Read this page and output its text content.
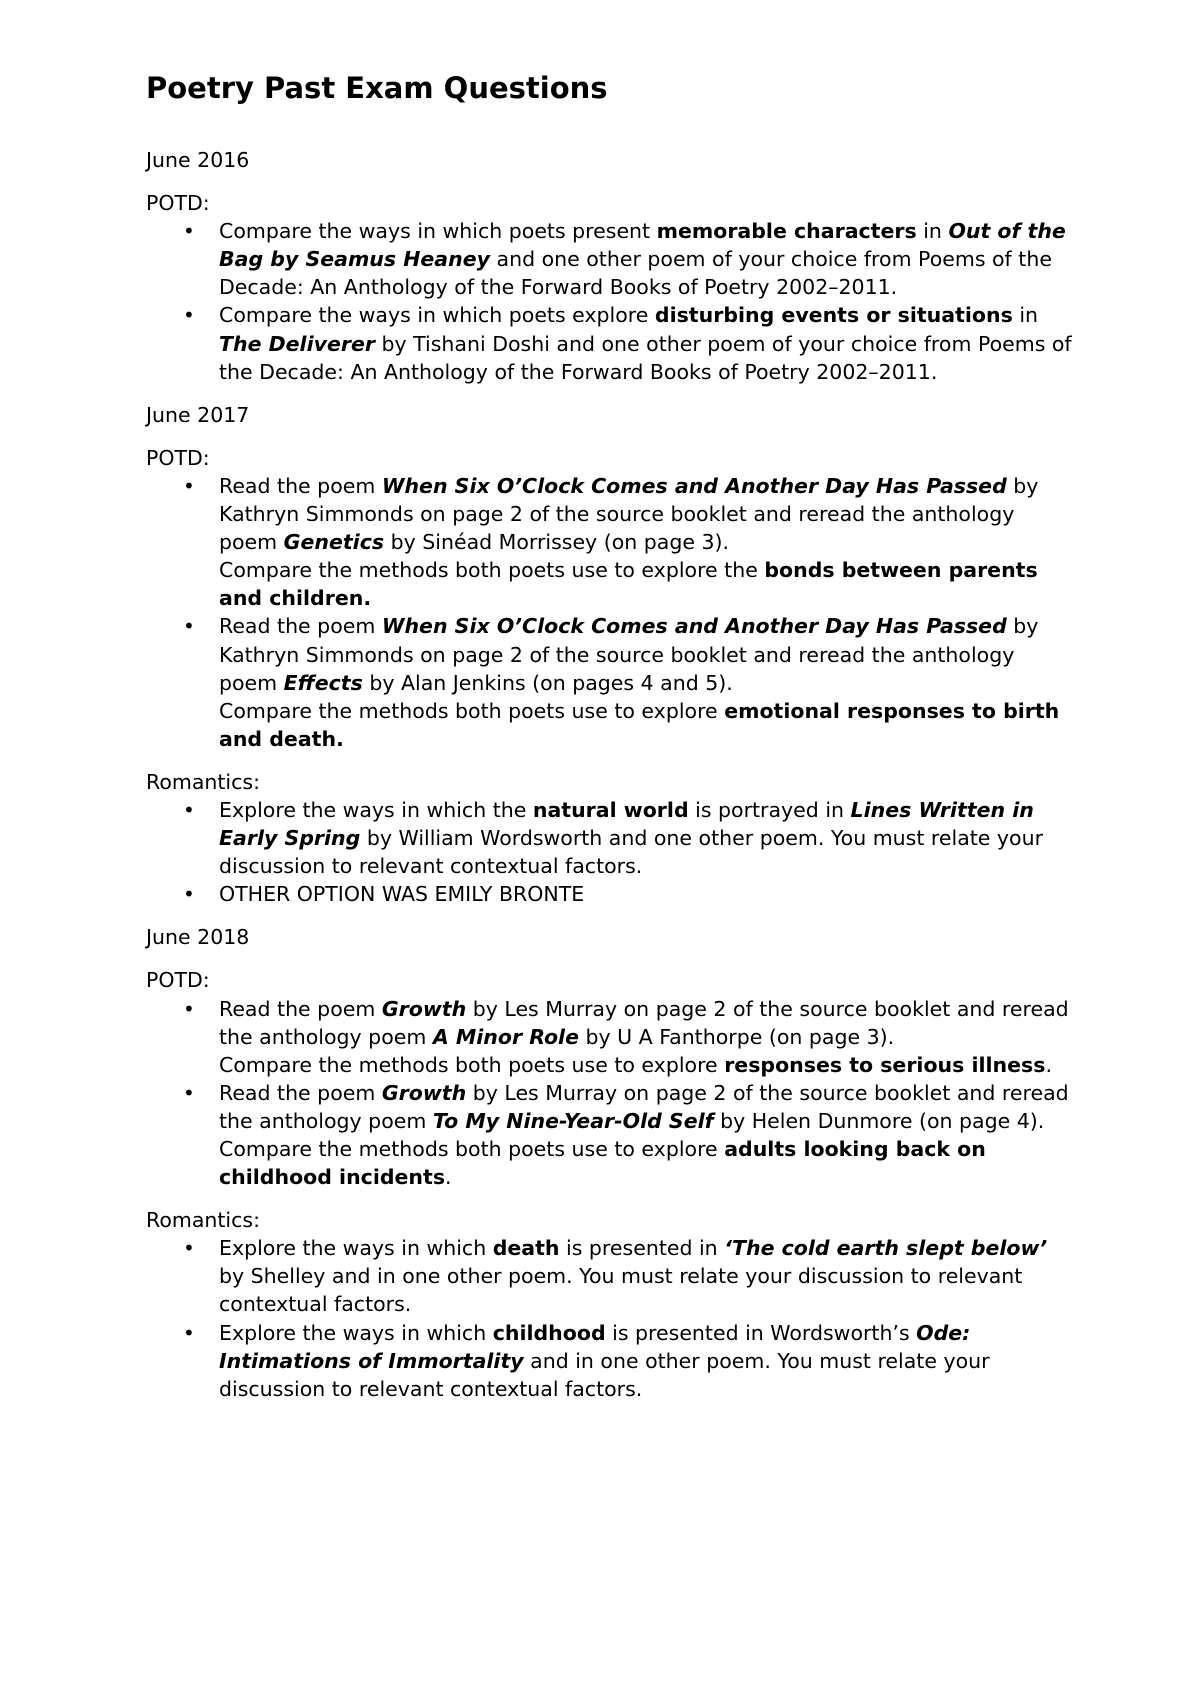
Poetry Past Exam Questions

June 2016

POTD:

• Compare the ways in which poets present memorable characters in Out of the Bag by Seamus Heaney and one other poem of your choice from Poems of the Decade: An Anthology of the Forward Books of Poetry 2002–2011.

• Compare the ways in which poets explore disturbing events or situations in The Deliverer by Tishani Doshi and one other poem of your choice from Poems of the Decade: An Anthology of the Forward Books of Poetry 2002–2011.

June 2017

POTD:

• Read the poem When Six O’Clock Comes and Another Day Has Passed by Kathryn Simmonds on page 2 of the source booklet and reread the anthology poem Genetics by Sinéad Morrissey (on page 3).

Compare the methods both poets use to explore the bonds between parents and children.

• Read the poem When Six O’Clock Comes and Another Day Has Passed by Kathryn Simmonds on page 2 of the source booklet and reread the anthology poem Effects by Alan Jenkins (on pages 4 and 5).

Compare the methods both poets use to explore emotional responses to birth and death.

Romantics:

• Explore the ways in which the natural world is portrayed in Lines Written in Early Spring by William Wordsworth and one other poem. You must relate your discussion to relevant contextual factors.

• OTHER OPTION WAS EMILY BRONTE

June 2018

POTD:

• Read the poem Growth by Les Murray on page 2 of the source booklet and reread the anthology poem A Minor Role by U A Fanthorpe (on page 3).

Compare the methods both poets use to explore responses to serious illness.

• Read the poem Growth by Les Murray on page 2 of the source booklet and reread the anthology poem To My Nine-Year-Old Self by Helen Dunmore (on page 4).

Compare the methods both poets use to explore adults looking back on childhood incidents.

Romantics:

• Explore the ways in which death is presented in ‘The cold earth slept below’ by Shelley and in one other poem. You must relate your discussion to relevant contextual factors.

• Explore the ways in which childhood is presented in Wordsworth’s Ode: Intimations of Immortality and in one other poem. You must relate your discussion to relevant contextual factors.
